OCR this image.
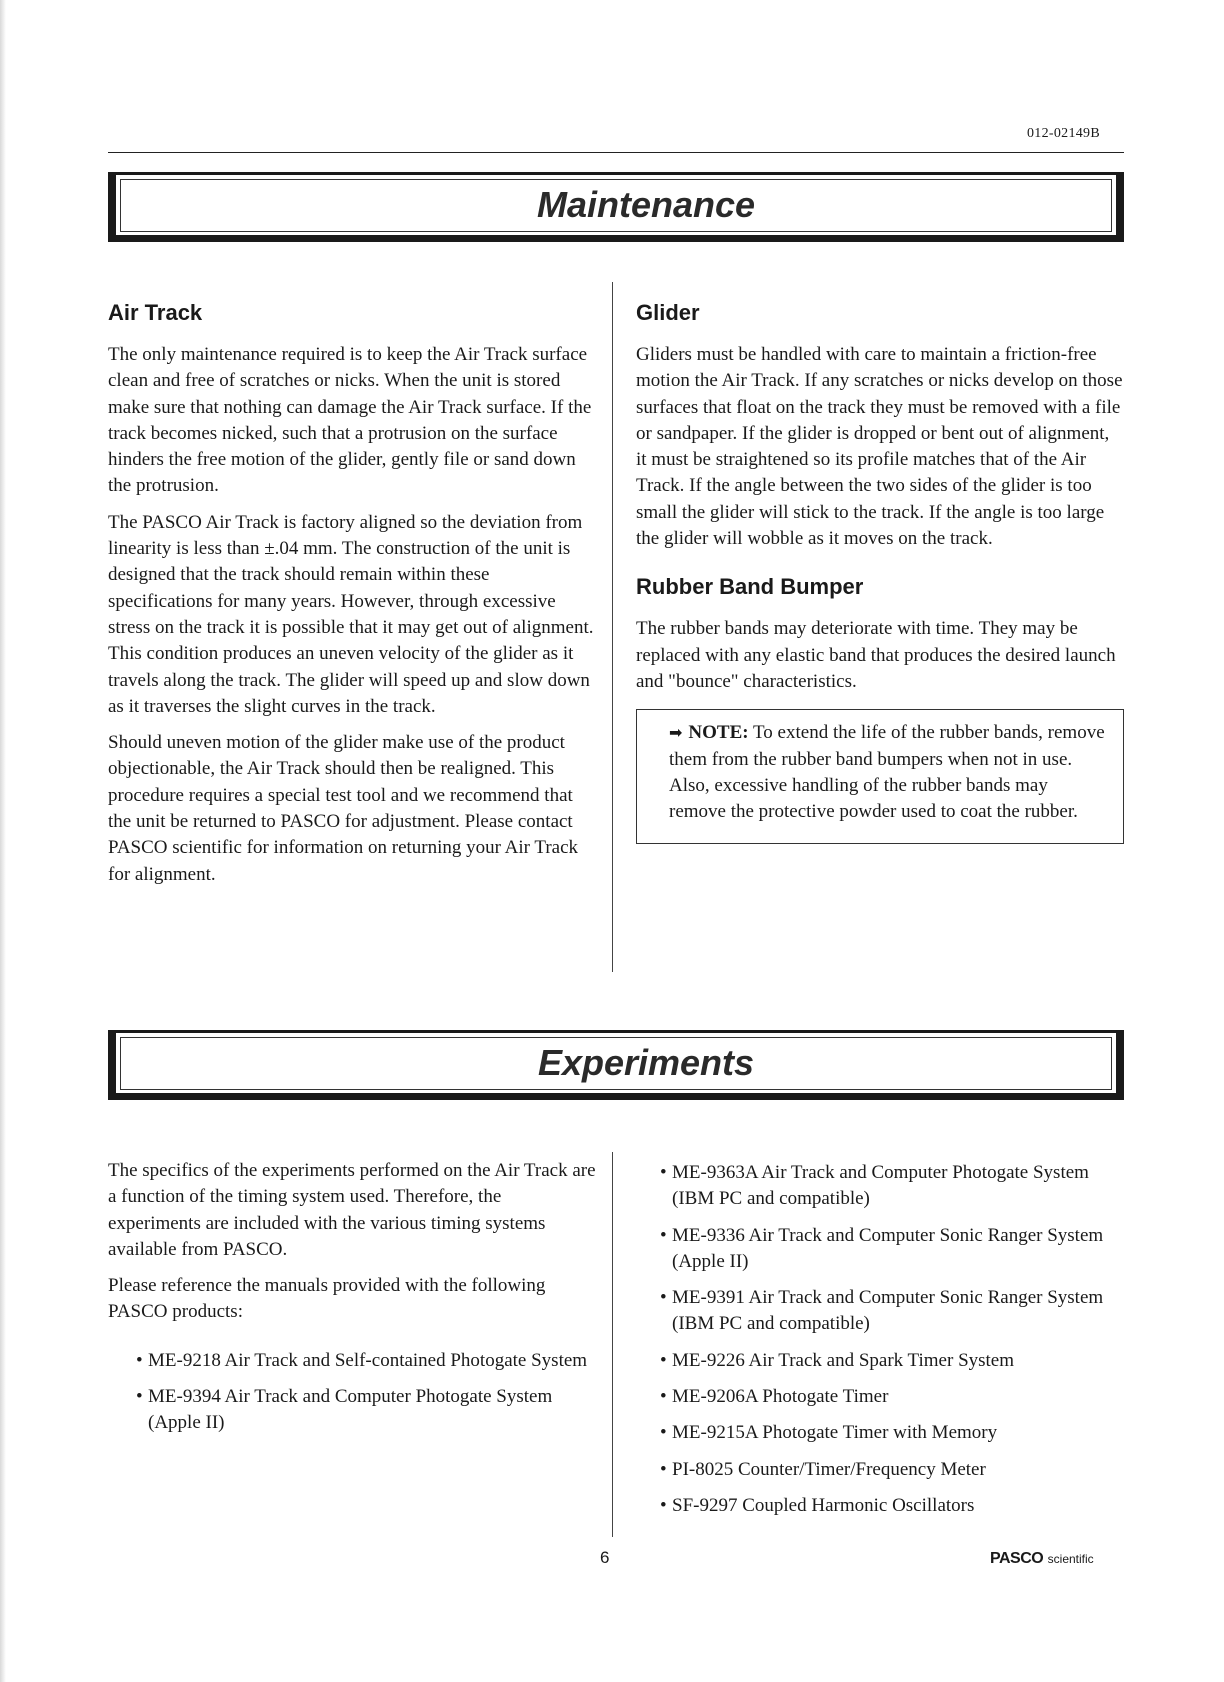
012-02149B
Maintenance
Air Track

The only maintenance required is to keep the Air Track surface clean and free of scratches or nicks. When the unit is stored make sure that nothing can damage the Air Track surface. If the track becomes nicked, such that a protrusion on the surface hinders the free motion of the glider, gently file or sand down the protrusion.

The PASCO Air Track is factory aligned so the deviation from linearity is less than ±.04 mm. The construction of the unit is designed that the track should remain within these specifications for many years. However, through excessive stress on the track it is possible that it may get out of alignment. This condition produces an uneven velocity of the glider as it travels along the track. The glider will speed up and slow down as it traverses the slight curves in the track.

Should uneven motion of the glider make use of the product objectionable, the Air Track should then be realigned. This procedure requires a special test tool and we recommend that the unit be returned to PASCO for adjustment. Please contact PASCO scientific for information on returning your Air Track for alignment.

Glider

Gliders must be handled with care to maintain a friction-free motion the Air Track. If any scratches or nicks develop on those surfaces that float on the track they must be removed with a file or sandpaper. If the glider is dropped or bent out of alignment, it must be straightened so its profile matches that of the Air Track. If the angle between the two sides of the glider is too small the glider will stick to the track. If the angle is too large the glider will wobble as it moves on the track.

Rubber Band Bumper

The rubber bands may deteriorate with time. They may be replaced with any elastic band that produces the desired launch and "bounce" characteristics.

➡ NOTE: To extend the life of the rubber bands, remove them from the rubber band bumpers when not in use. Also, excessive handling of the rubber bands may remove the protective powder used to coat the rubber.
Experiments

The specifics of the experiments performed on the Air Track are a function of the timing system used. Therefore, the experiments are included with the various timing systems available from PASCO.

Please reference the manuals provided with the following PASCO products:

• ME-9218 Air Track and Self-contained Photogate System
• ME-9394 Air Track and Computer Photogate System (Apple II)
• ME-9363A Air Track and Computer Photogate System (IBM PC and compatible)
• ME-9336 Air Track and Computer Sonic Ranger System (Apple II)
• ME-9391 Air Track and Computer Sonic Ranger System (IBM PC and compatible)
• ME-9226 Air Track and Spark Timer System
• ME-9206A Photogate Timer
• ME-9215A Photogate Timer with Memory
• PI-8025 Counter/Timer/Frequency Meter
• SF-9297 Coupled Harmonic Oscillators
6	PASCO scientific
